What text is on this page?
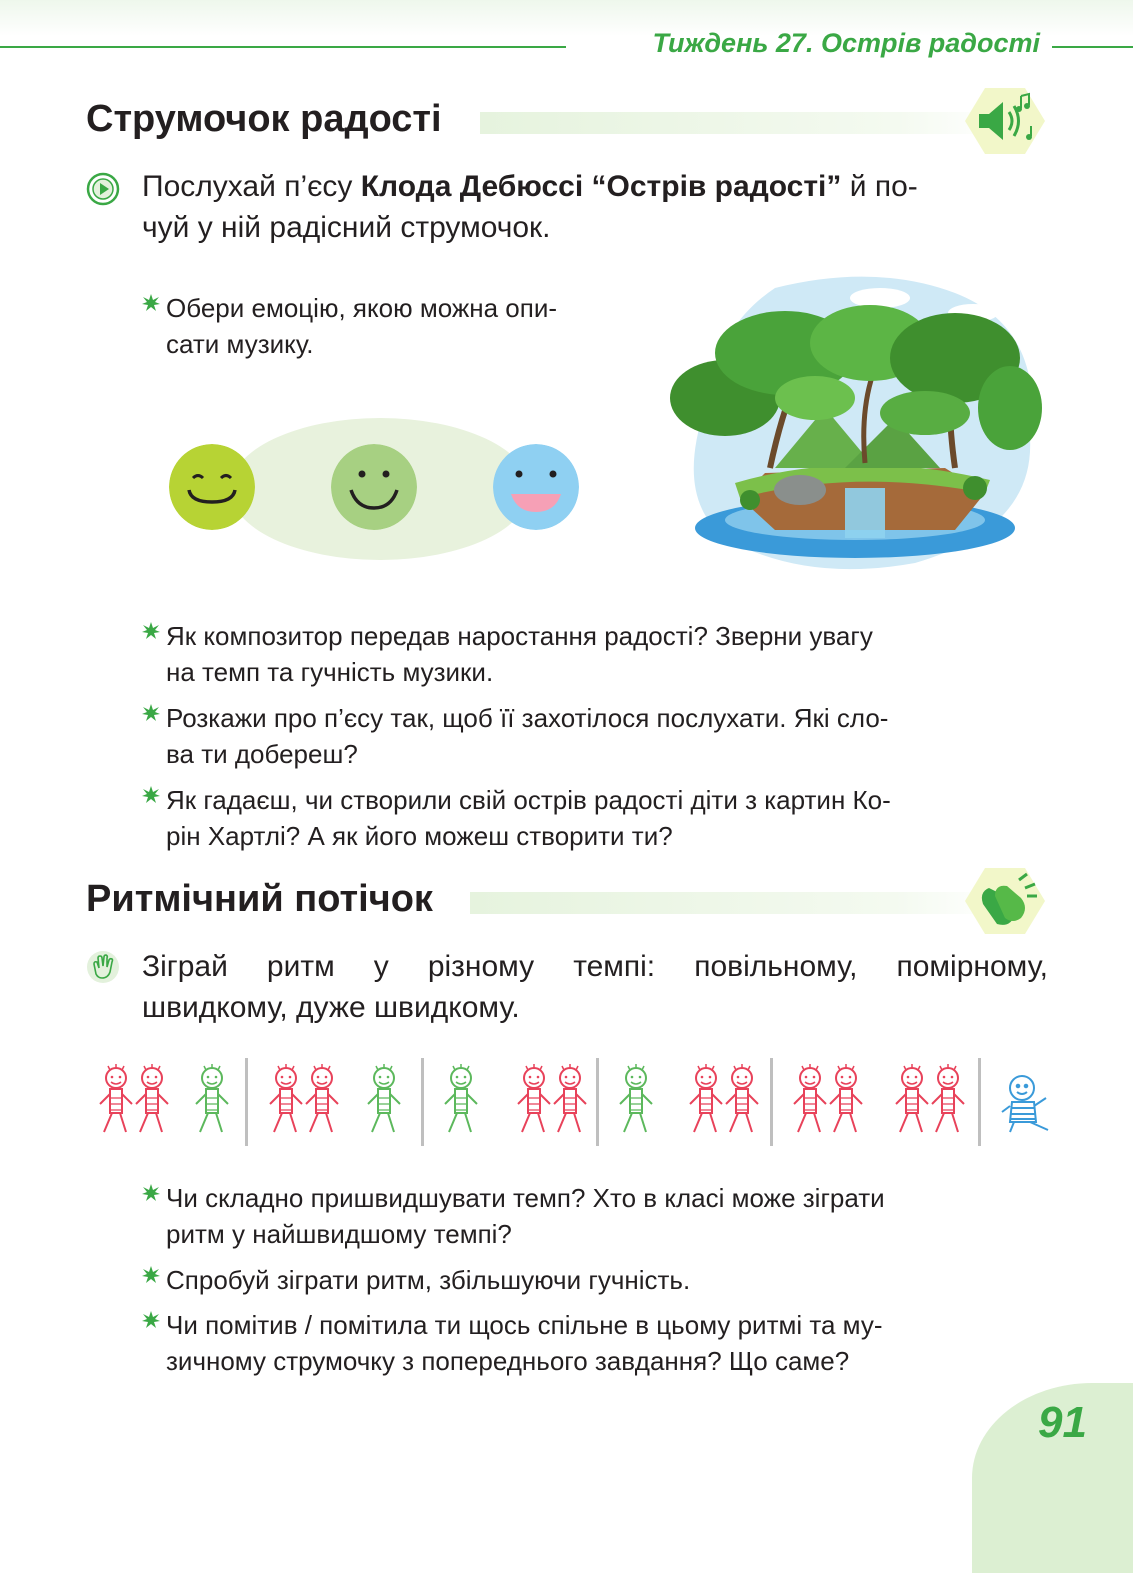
Тиждень 27. Острів радості
Струмочок радості
Послухай п’єсу Клода Дебюссі “Острів радості” й по-
чуй у ній радісний струмочок.
Обери емоцію, якою можна опи-
сати музику.
Як композитор передав наростання радості? Зверни увагу
на темп та гучність музики.
Розкажи про п’єсу так, щоб її захотілося послухати. Які сло-
ва ти добереш?
Як гадаєш, чи створили свій острів радості діти з картин Ко-
рін Хартлі? А як його можеш створити ти?
Ритмічний потічок
Зіграй ритм у різному темпі: повільному, помірному,
швидкому, дуже швидкому.
Чи складно пришвидшувати темп? Хто в класі може зіграти
ритм у найшвидшому темпі?
Спробуй зіграти ритм, збільшуючи гучність.
Чи помітив / помітила ти щось спільне в цьому ритмі та му-
зичному струмочку з попереднього завдання? Що саме?
91
